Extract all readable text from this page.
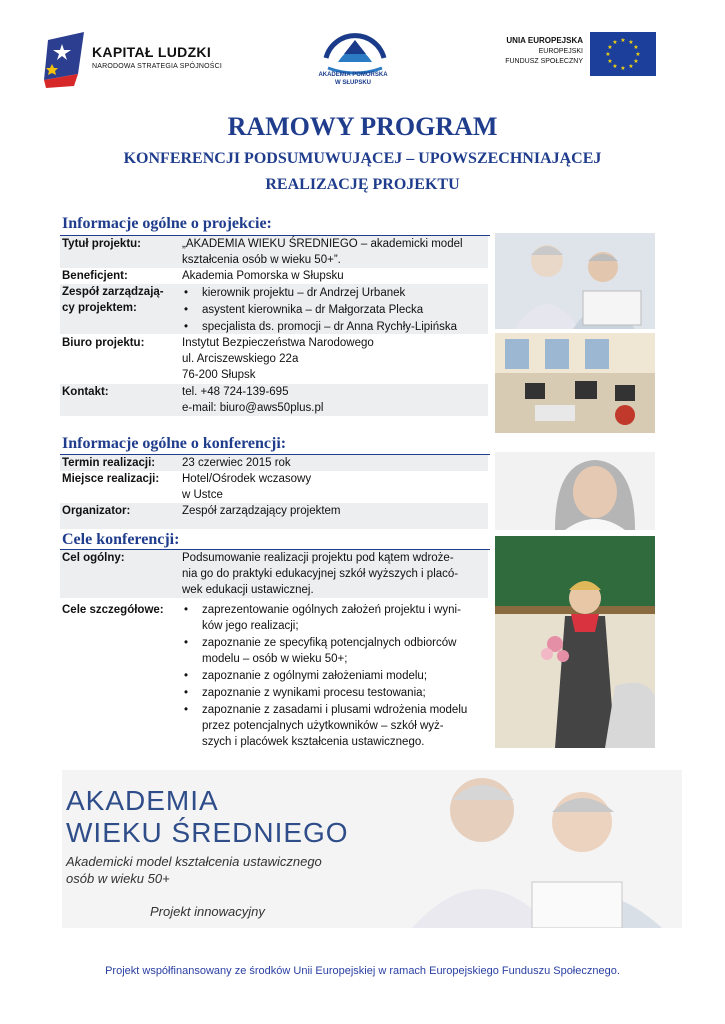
KAPITAŁ LUDZKI
NARODOWA STRATEGIA SPÓJNOŚCI
AKADEMIA POMORSKA
W SŁUPSKU
UNIA EUROPEJSKA
EUROPEJSKI
FUNDUSZ SPOŁECZNY
★ ★
★
★
★
★
★
★
★
★
★
★
RAMOWY PROGRAM
KONFERENCJI PODSUMUWUJĄCEJ – UPOWSZECHNIAJĄCEJ
REALIZACJĘ PROJEKTU
Informacje ogólne o projekcie:
Tytuł projektu:	„AKADEMIA WIEKU ŚREDNIEGO – akademicki model
kształcenia osób w wieku 50+”.
Beneficjent:	Akademia Pomorska w Słupsku
Zespół zarządzają-
cy projektem:
• kierownik projektu – dr Andrzej Urbanek
• asystent kierownika – dr Małgorzata Plecka
• specjalista ds. promocji – dr Anna Rychły-Lipińska
Biuro projektu:	Instytut Bezpieczeństwa Narodowego
ul. Arciszewskiego 22a
76-200 Słupsk
Kontakt:	tel. +48 724-139-695
e-mail: biuro@aws50plus.pl
Informacje ogólne o konferencji:
Termin realizacji: 23 czerwiec 2015 rok
Miejsce realizacji: Hotel/Ośrodek wczasowy
w Ustce
Organizator:	Zespół zarządzający projektem
Cele konferencji:
Cel ogólny:	Podsumowanie realizacji projektu pod kątem wdroże-
nia go do praktyki edukacyjnej szkół wyższych i placó-
wek edukacji ustawicznej.
Cele szczegółowe: • zaprezentowanie ogólnych założeń projektu i wyni-
ków jego realizacji;
• zapoznanie ze specyfiką potencjalnych odbiorców
modelu – osób w wieku 50+;
• zapoznanie z ogólnymi założeniami modelu;
• zapoznanie z wynikami procesu testowania;
• zapoznanie z zasadami i plusami wdrożenia modelu
przez potencjalnych użytkowników – szkół wyż-
szych i placówek kształcenia ustawicznego.
AKADEMIA
WIEKU ŚREDNIEGO
Akademicki model kształcenia ustawicznego
osób w wieku 50+
Projekt innowacyjny
Projekt współfinansowany ze środków Unii Europejskiej w ramach Europejskiego Funduszu Społecznego.
